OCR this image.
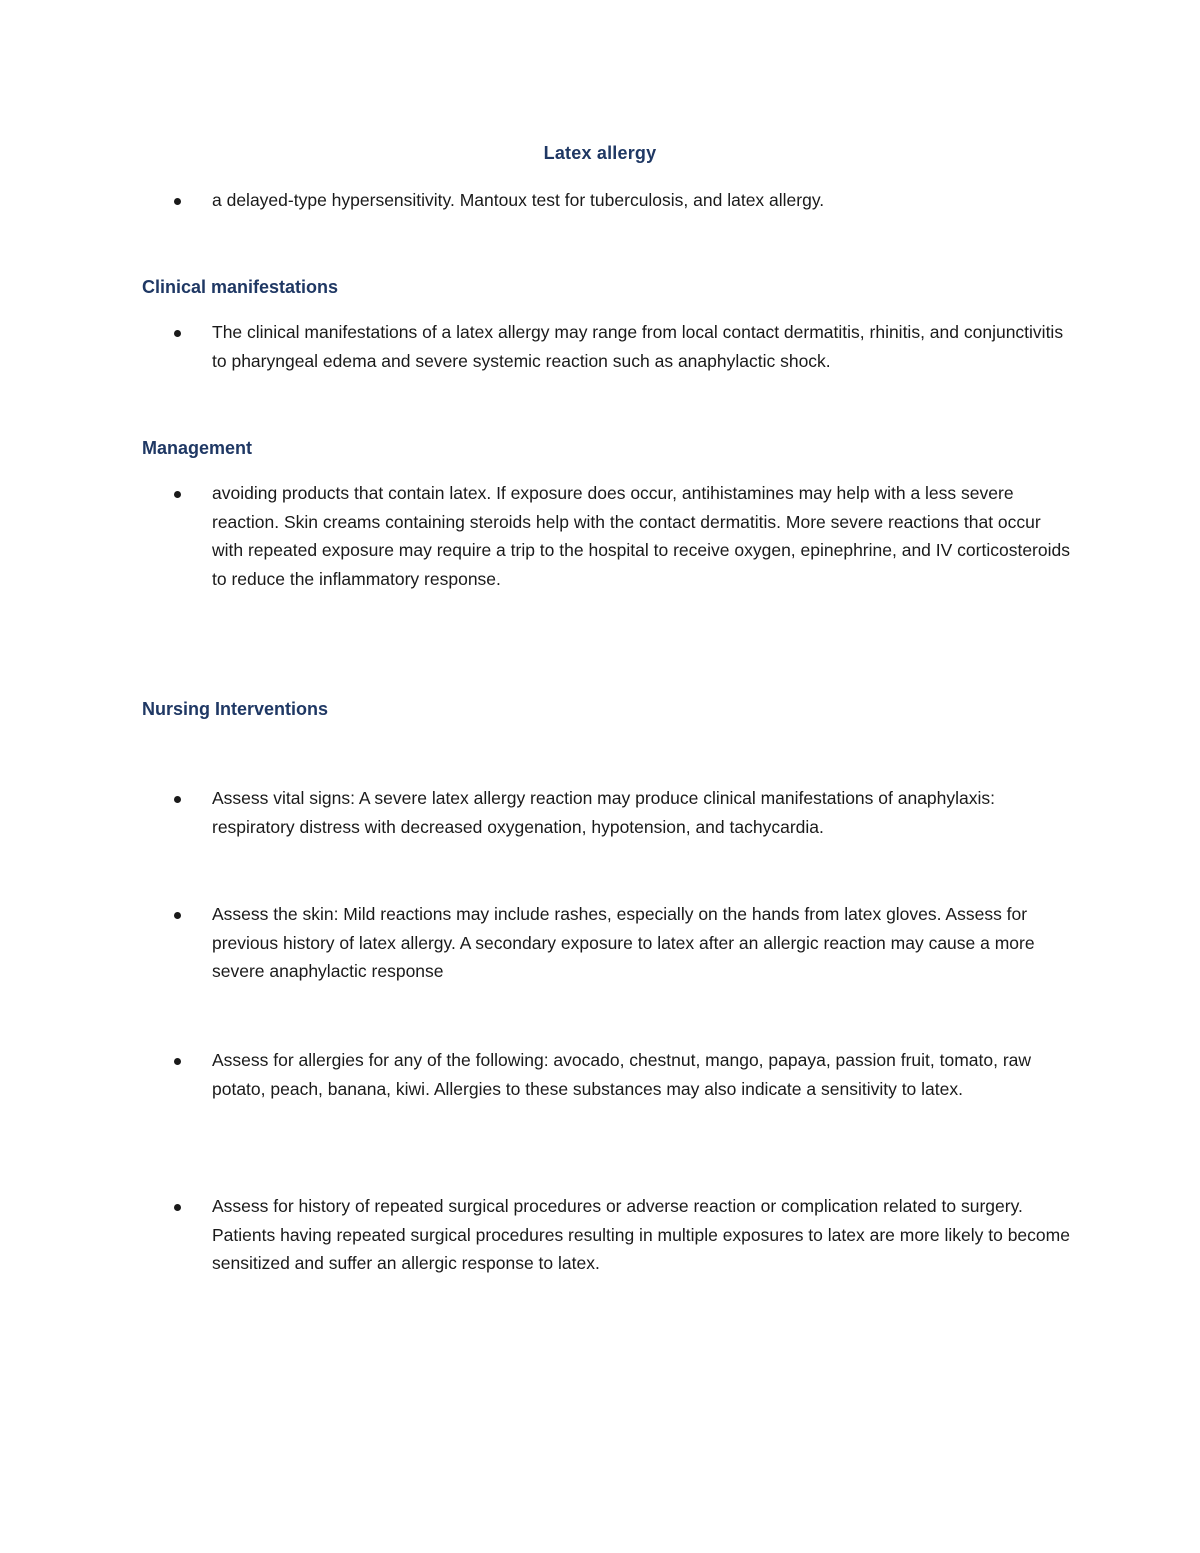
Latex allergy
a delayed-type hypersensitivity. Mantoux test for tuberculosis, and latex allergy.
Clinical manifestations
The clinical manifestations of a latex allergy may range from local contact dermatitis, rhinitis, and conjunctivitis to pharyngeal edema and severe systemic reaction such as anaphylactic shock.
Management
avoiding products that contain latex. If exposure does occur, antihistamines may help with a less severe reaction. Skin creams containing steroids help with the contact dermatitis. More severe reactions that occur with repeated exposure may require a trip to the hospital to receive oxygen, epinephrine, and IV corticosteroids to reduce the inflammatory response.
Nursing Interventions
Assess vital signs: A severe latex allergy reaction may produce clinical manifestations of anaphylaxis: respiratory distress with decreased oxygenation, hypotension, and tachycardia.
Assess the skin: Mild reactions may include rashes, especially on the hands from latex gloves. Assess for previous history of latex allergy. A secondary exposure to latex after an allergic reaction may cause a more severe anaphylactic response
Assess for allergies for any of the following: avocado, chestnut, mango, papaya, passion fruit, tomato, raw potato, peach, banana, kiwi. Allergies to these substances may also indicate a sensitivity to latex.
Assess for history of repeated surgical procedures or adverse reaction or complication related to surgery. Patients having repeated surgical procedures resulting in multiple exposures to latex are more likely to become sensitized and suffer an allergic response to latex.
